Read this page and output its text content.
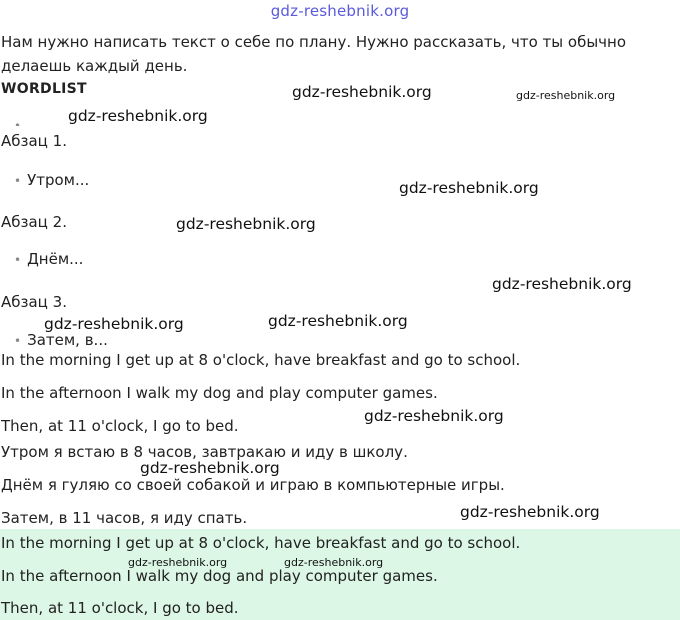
gdz-reshebnik.org
Нам нужно написать текст о себе по плану. Нужно рассказать, что ты обычно делаешь каждый день.
WORDLIST
•
Абзац 1.
• Утром...
Абзац 2.
• Днём...
Абзац 3.
• Затем, в...
In the morning I get up at 8 o'clock, have breakfast and go to school.
In the afternoon I walk my dog and play computer games.
Then, at 11 o'clock, I go to bed.
Утром я встаю в 8 часов, завтракаю и иду в школу.
Днём я гуляю со своей собакой и играю в компьютерные игры.
Затем, в 11 часов, я иду спать.
In the morning I get up at 8 o'clock, have breakfast and go to school.
In the afternoon I walk my dog and play computer games.
Then, at 11 o'clock, I go to bed.
gdz-reshebnik.org	gdz-reshebnik.org
gdz-reshebnik.org
gdz-reshebnik.org
gdz-reshebnik.org
gdz-reshebnik.org
gdz-reshebnik.org	gdz-reshebnik.org
gdz-reshebnik.org
gdz-reshebnik.org
gdz-reshebnik.org
gdz-reshebnik.org	gdz-reshebnik.org
